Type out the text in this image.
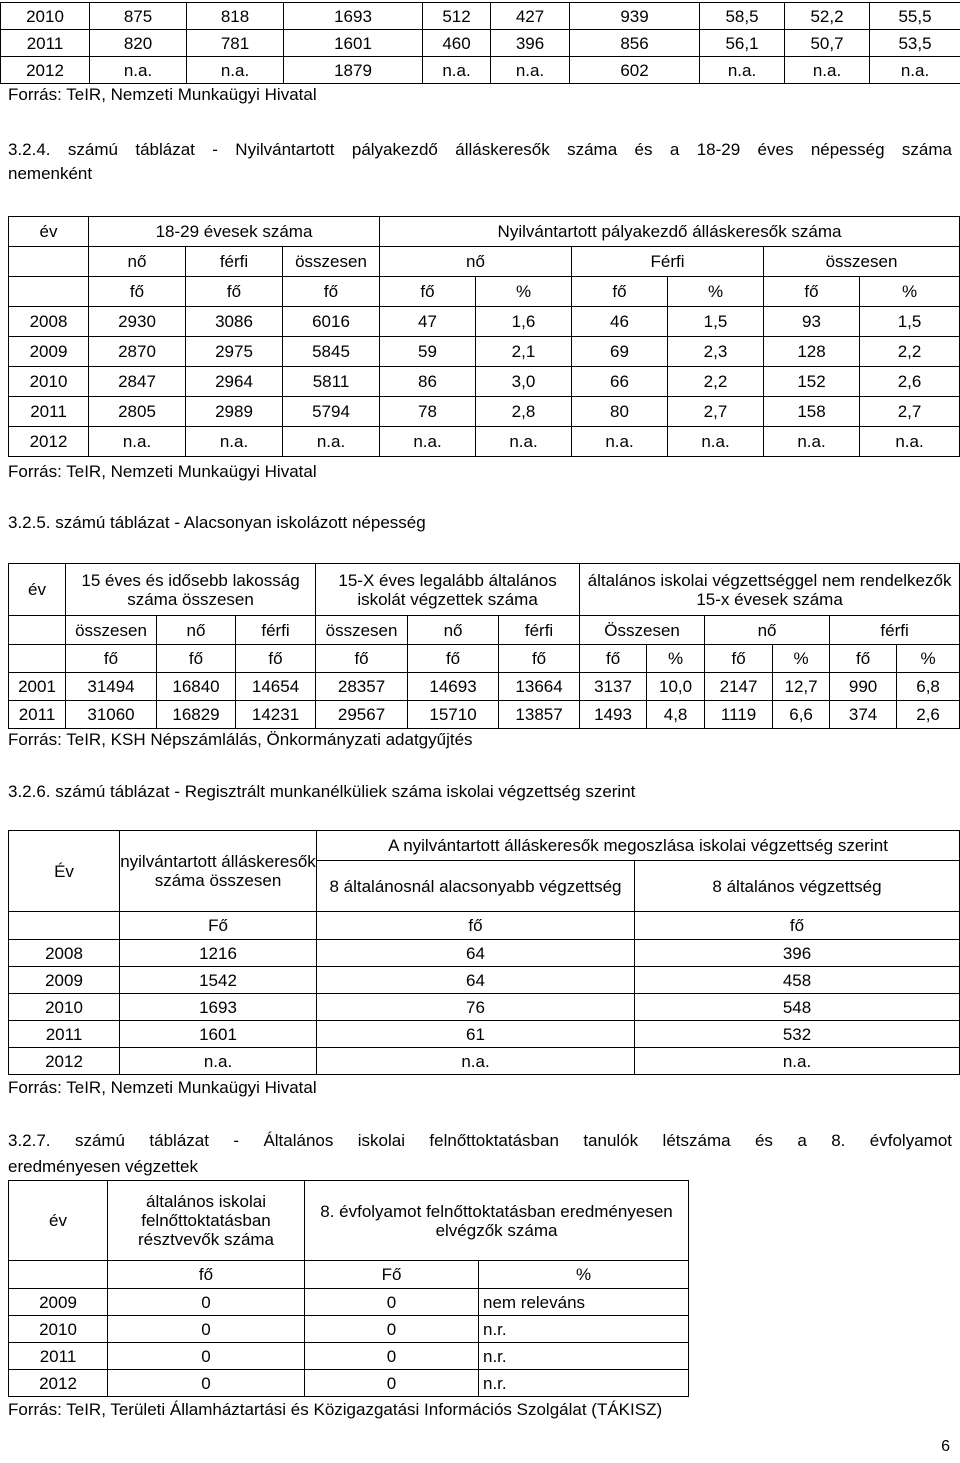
2010	875	818	1693	512	427	939	58,5	52,2	55,5
2011	820	781	1601	460	396	856	56,1	50,7	53,5
2012	n.a.	n.a.	1879	n.a.	n.a.	602	n.a.	n.a.	n.a.
Forrás: TeIR, Nemzeti Munkaügyi Hivatal
3.2.4. számú táblázat - Nyilvántartott pályakezdő álláskeresők száma és a 18-29 éves népesség száma
nemenként
év	18-29 évesek száma			Nyilvántartott pályakezdő álláskeresők száma					
	nő	férfi	összesen	nő		Férfi		összesen	
	fő	fő	fő	fő	%	fő	%	fő	%
2008	2930	3086	6016	47	1,6	46	1,5	93	1,5
2009	2870	2975	5845	59	2,1	69	2,3	128	2,2
2010	2847	2964	5811	86	3,0	66	2,2	152	2,6
2011	2805	2989	5794	78	2,8	80	2,7	158	2,7
2012	n.a.	n.a.	n.a.	n.a.	n.a.	n.a.	n.a.	n.a.	n.a.
Forrás: TeIR, Nemzeti Munkaügyi Hivatal
3.2.5. számú táblázat - Alacsonyan iskolázott népesség
év	15 éves és idősebb lakosság száma összesen			15-X éves legalább általános iskolát végzettek száma			általános iskolai végzettséggel nem rendelkezők 15-x évesek száma					
	összesen	nő	férfi	összesen	nő	férfi	Összesen		nő		férfi	
	fő	fő	fő	fő	fő	fő	fő	%	fő	%	fő	%
2001	31494	16840	14654	28357	14693	13664	3137	10,0	2147	12,7	990	6,8
2011	31060	16829	14231	29567	15710	13857	1493	4,8	1119	6,6	374	2,6
Forrás: TeIR, KSH Népszámlálás, Önkormányzati adatgyűjtés
3.2.6. számú táblázat - Regisztrált munkanélküliek száma iskolai végzettség szerint
Év	nyilvántartott álláskeresők száma összesen	A nyilvántartott álláskeresők megoszlása iskolai végzettség szerint	
		8 általánosnál alacsonyabb végzettség	8 általános végzettség
	Fő	fő	fő
2008	1216	64	396
2009	1542	64	458
2010	1693	76	548
2011	1601	61	532
2012	n.a.	n.a.	n.a.
Forrás: TeIR, Nemzeti Munkaügyi Hivatal
3.2.7. számú táblázat - Általános iskolai felnőttoktatásban tanulók létszáma és a 8. évfolyamot
eredményesen végzettek
év	általános iskolai felnőttoktatásban résztvevők száma	8. évfolyamot felnőttoktatásban eredményesen elvégzők száma	
	fő	Fő	%
2009	0	0	nem releváns
2010	0	0	n.r.
2011	0	0	n.r.
2012	0	0	n.r.
Forrás: TeIR, Területi Államháztartási és Közigazgatási Információs Szolgálat (TÁKISZ)
6
